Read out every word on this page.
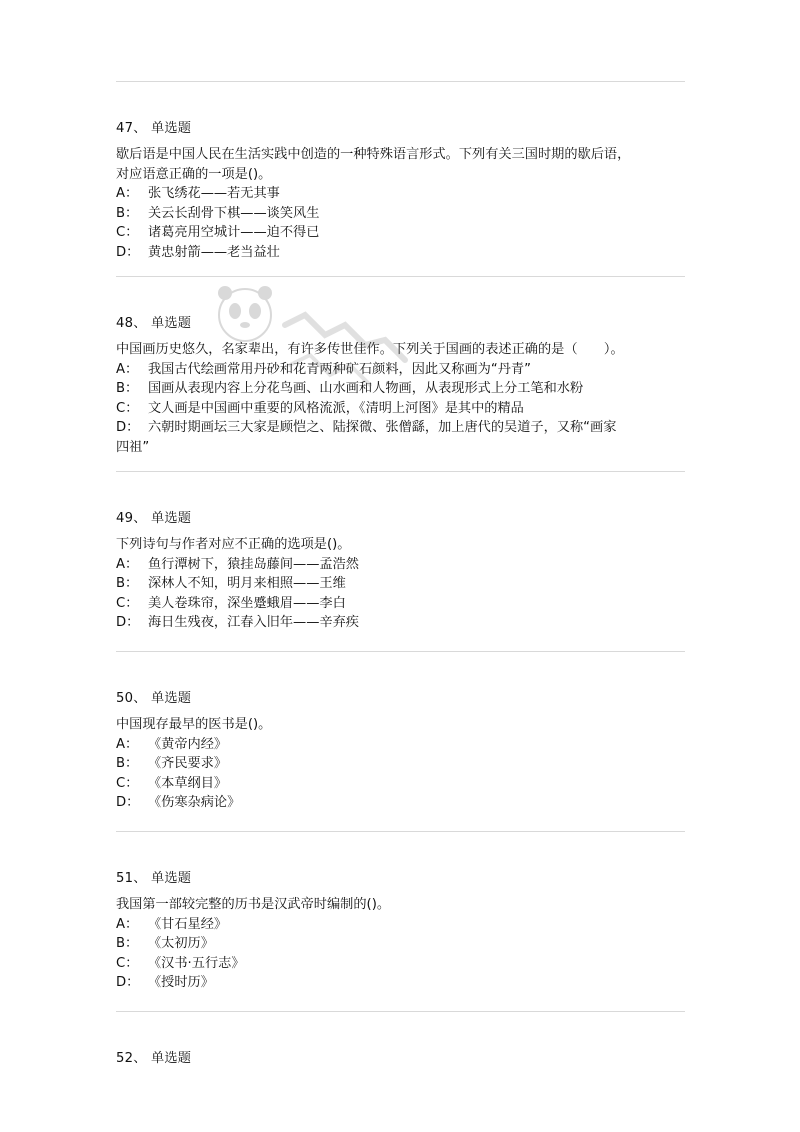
47、 单选题
歇后语是中国人民在生活实践中创造的一种特殊语言形式。下列有关三国时期的歇后语，
对应语意正确的一项是()。
A： 张飞绣花——若无其事
B： 关云长刮骨下棋——谈笑风生
C： 诸葛亮用空城计——迫不得已
D： 黄忠射箭——老当益壮
48、 单选题
中国画历史悠久，名家辈出，有许多传世佳作。下列关于国画的表述正确的是（　　）。
A： 我国古代绘画常用丹砂和花青两种矿石颜料，因此又称画为“丹青”
B： 国画从表现内容上分花鸟画、山水画和人物画，从表现形式上分工笔和水粉
C： 文人画是中国画中重要的风格流派，《清明上河图》是其中的精品
D： 六朝时期画坛三大家是顾恺之、陆探微、张僧繇，加上唐代的吴道子，又称“画家
四祖”
49、 单选题
下列诗句与作者对应不正确的选项是()。
A： 鱼行潭树下，猿挂岛藤间——孟浩然
B： 深林人不知，明月来相照——王维
C： 美人卷珠帘，深坐蹙蛾眉——李白
D： 海日生残夜，江春入旧年——辛弃疾
50、 单选题
中国现存最早的医书是()。
A： 《黄帝内经》
B： 《齐民要求》
C： 《本草纲目》
D： 《伤寒杂病论》
51、 单选题
我国第一部较完整的历书是汉武帝时编制的()。
A： 《甘石星经》
B： 《太初历》
C： 《汉书·五行志》
D： 《授时历》
52、 单选题
